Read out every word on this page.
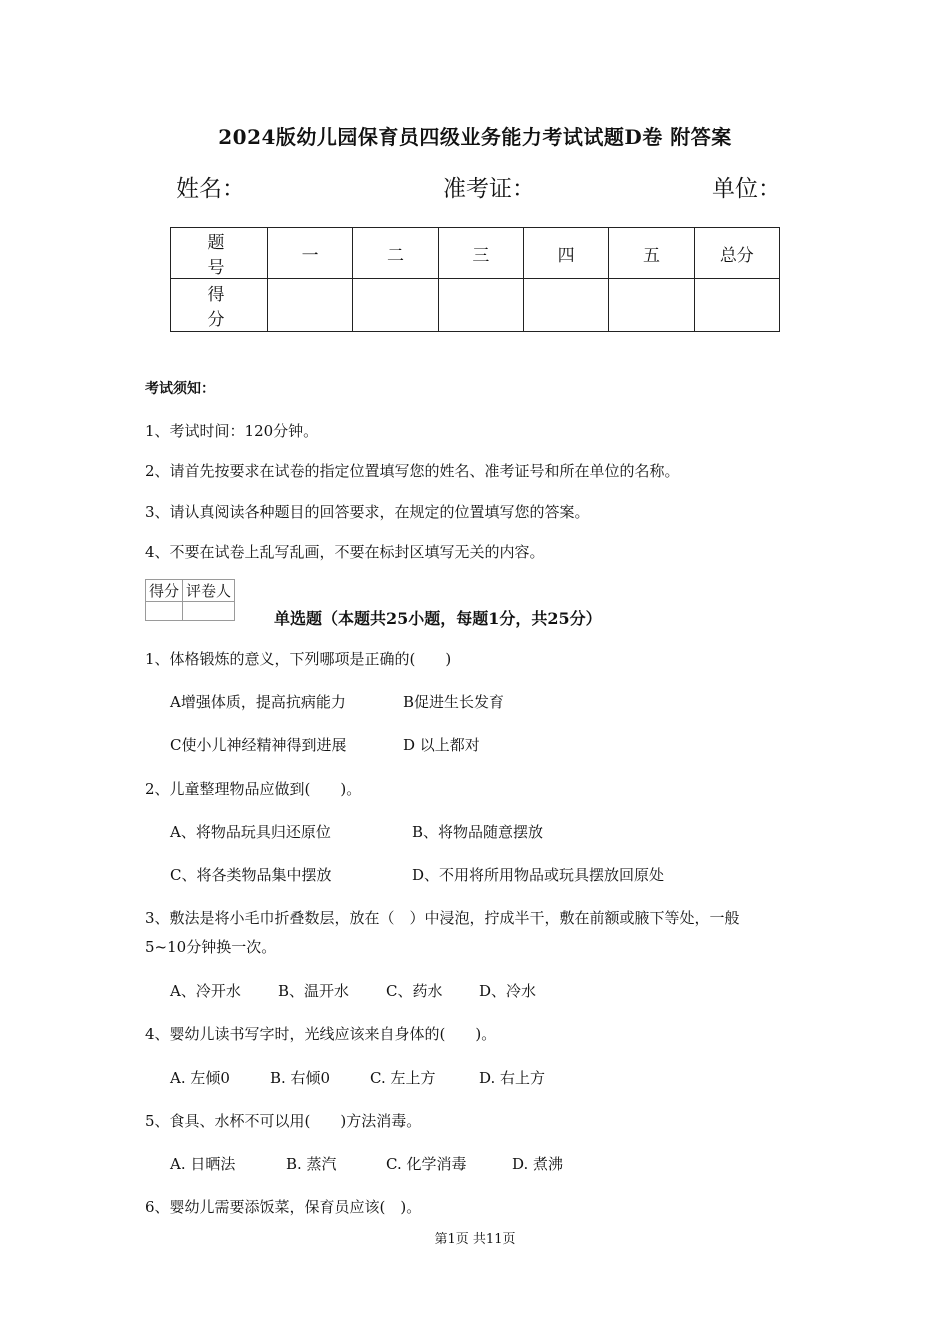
2024版幼儿园保育员四级业务能力考试试题D卷 附答案
姓名：	准考证：	单位：
题　号	一	二	三	四	五	总分
得　分						
考试须知：
1、考试时间：120分钟。
2、请首先按要求在试卷的指定位置填写您的姓名、准考证号和所在单位的名称。
3、请认真阅读各种题目的回答要求，在规定的位置填写您的答案。
4、不要在试卷上乱写乱画，不要在标封区填写无关的内容。
得分	评卷人

单选题（本题共25小题，每题1分，共25分）
1、体格锻炼的意义，下列哪项是正确的(　　)
A增强体质，提高抗病能力	B促进生长发育
C使小儿神经精神得到进展	D 以上都对
2、儿童整理物品应做到(　　)。
A、将物品玩具归还原位	B、将物品随意摆放
C、将各类物品集中摆放	D、不用将所用物品或玩具摆放回原处
3、敷法是将小毛巾折叠数层，放在（　）中浸泡，拧成半干，敷在前额或腋下等处，一般
5~10分钟换一次。
A、冷开水 B、温开水 C、药水 D、冷水
4、婴幼儿读书写字时，光线应该来自身体的(　　)。
A. 左倾0	B. 右倾0	C. 左上方	D. 右上方
5、食具、水杯不可以用(　　)方法消毒。
A. 日晒法	B. 蒸汽	C. 化学消毒	D. 煮沸
6、婴幼儿需要添饭菜，保育员应该(　)。
第1页 共11页
